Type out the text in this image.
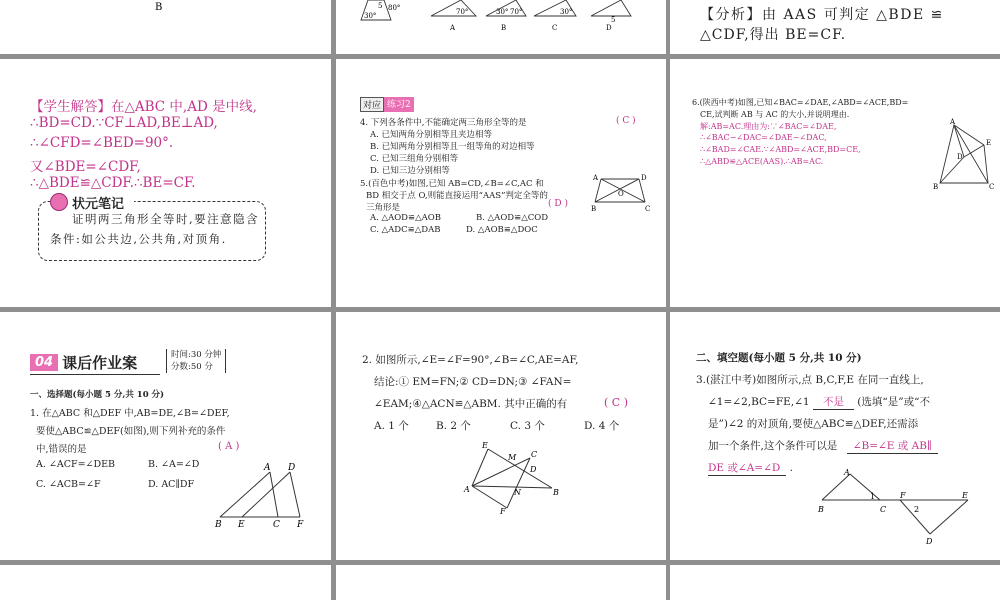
B	5 80°
30°	70°	30° 70°	30°
5
A	B	C	D
【分析】由 AAS 可判定 △BDE ≌
△CDF,得出 BE=CF.
【学生解答】在△ABC 中,AD 是中线,
∴BD=CD.∵CF⊥AD,BE⊥AD,
∴∠CFD=∠BED=90°.
又∠BDE=∠CDF,
∴△BDE≌△CDF.∴BE=CF.
状元笔记
证明两三角形全等时,要注意隐含
条件:如公共边,公共角,对顶角.
对应 练习2
4. 下列各条件中,不能确定两三角形全等的是	( C )
A. 已知两角分别相等且夹边相等
B. 已知两角分别相等且一组等角的对边相等
C. 已知三组角分别相等
D. 已知三边分别相等
5.(百色中考)如图,已知 AB=CD,∠B=∠C,AC 和
BD 相交于点 O,则能直接运用“AAS”判定全等的
三角形是	( D )
A. △AOD≌△AOB	B. △AOD≌△COD
C. △ADC≌△DAB	D. △AOB≌△DOC
A	D
O
B	C
6.(陕西中考)如图,已知∠BAC=∠DAE,∠ABD=∠ACE,BD=
CE,试判断 AB 与 AC 的大小,并说明理由.
解:AB=AC.理由为:∵∠BAC=∠DAE,
∴∠BAC−∠DAC=∠DAE−∠DAC,
∴∠BAD=∠CAE.∵∠ABD=∠ACE,BD=CE,
∴△ABD≌△ACE(AAS).∴AB=AC.
A
E
D
B	C
04 课后作业案	时间:30 分钟
分数:50 分
一、选择题(每小题 5 分,共 10 分)
1. 在△ABC 和△DEF 中,AB=DE,∠B=∠DEF,
要使△ABC≌△DEF(如图),则下列补充的条件
中,错误的是	( A )
A. ∠ACF=∠DEB	B. ∠A=∠D
C. ∠ACB=∠F	D. AC∥DF
A D
B E	C F
2. 如图所示,∠E=∠F=90°,∠B=∠C,AE=AF,
结论:① EM=FN;② CD=DN;③ ∠FAN=
∠EAM;④△ACN≌△ABM. 其中正确的有	( C )
A. 1 个	B. 2 个	C. 3 个	D. 4 个
E
M C
D
A	N	B
F
二、填空题(每小题 5 分,共 10 分)
3.(湛江中考)如图所示,点 B,C,F,E 在同一直线上,
∠1=∠2,BC=FE,∠1 不是 (选填“是”或“不
是”)∠2 的对顶角,要使△ABC≌△DEF,还需添
加一个条件,这个条件可以是 ∠B=∠E 或 AB∥
DE 或∠A=∠D .	A
B
1
C
F
2
E
D
